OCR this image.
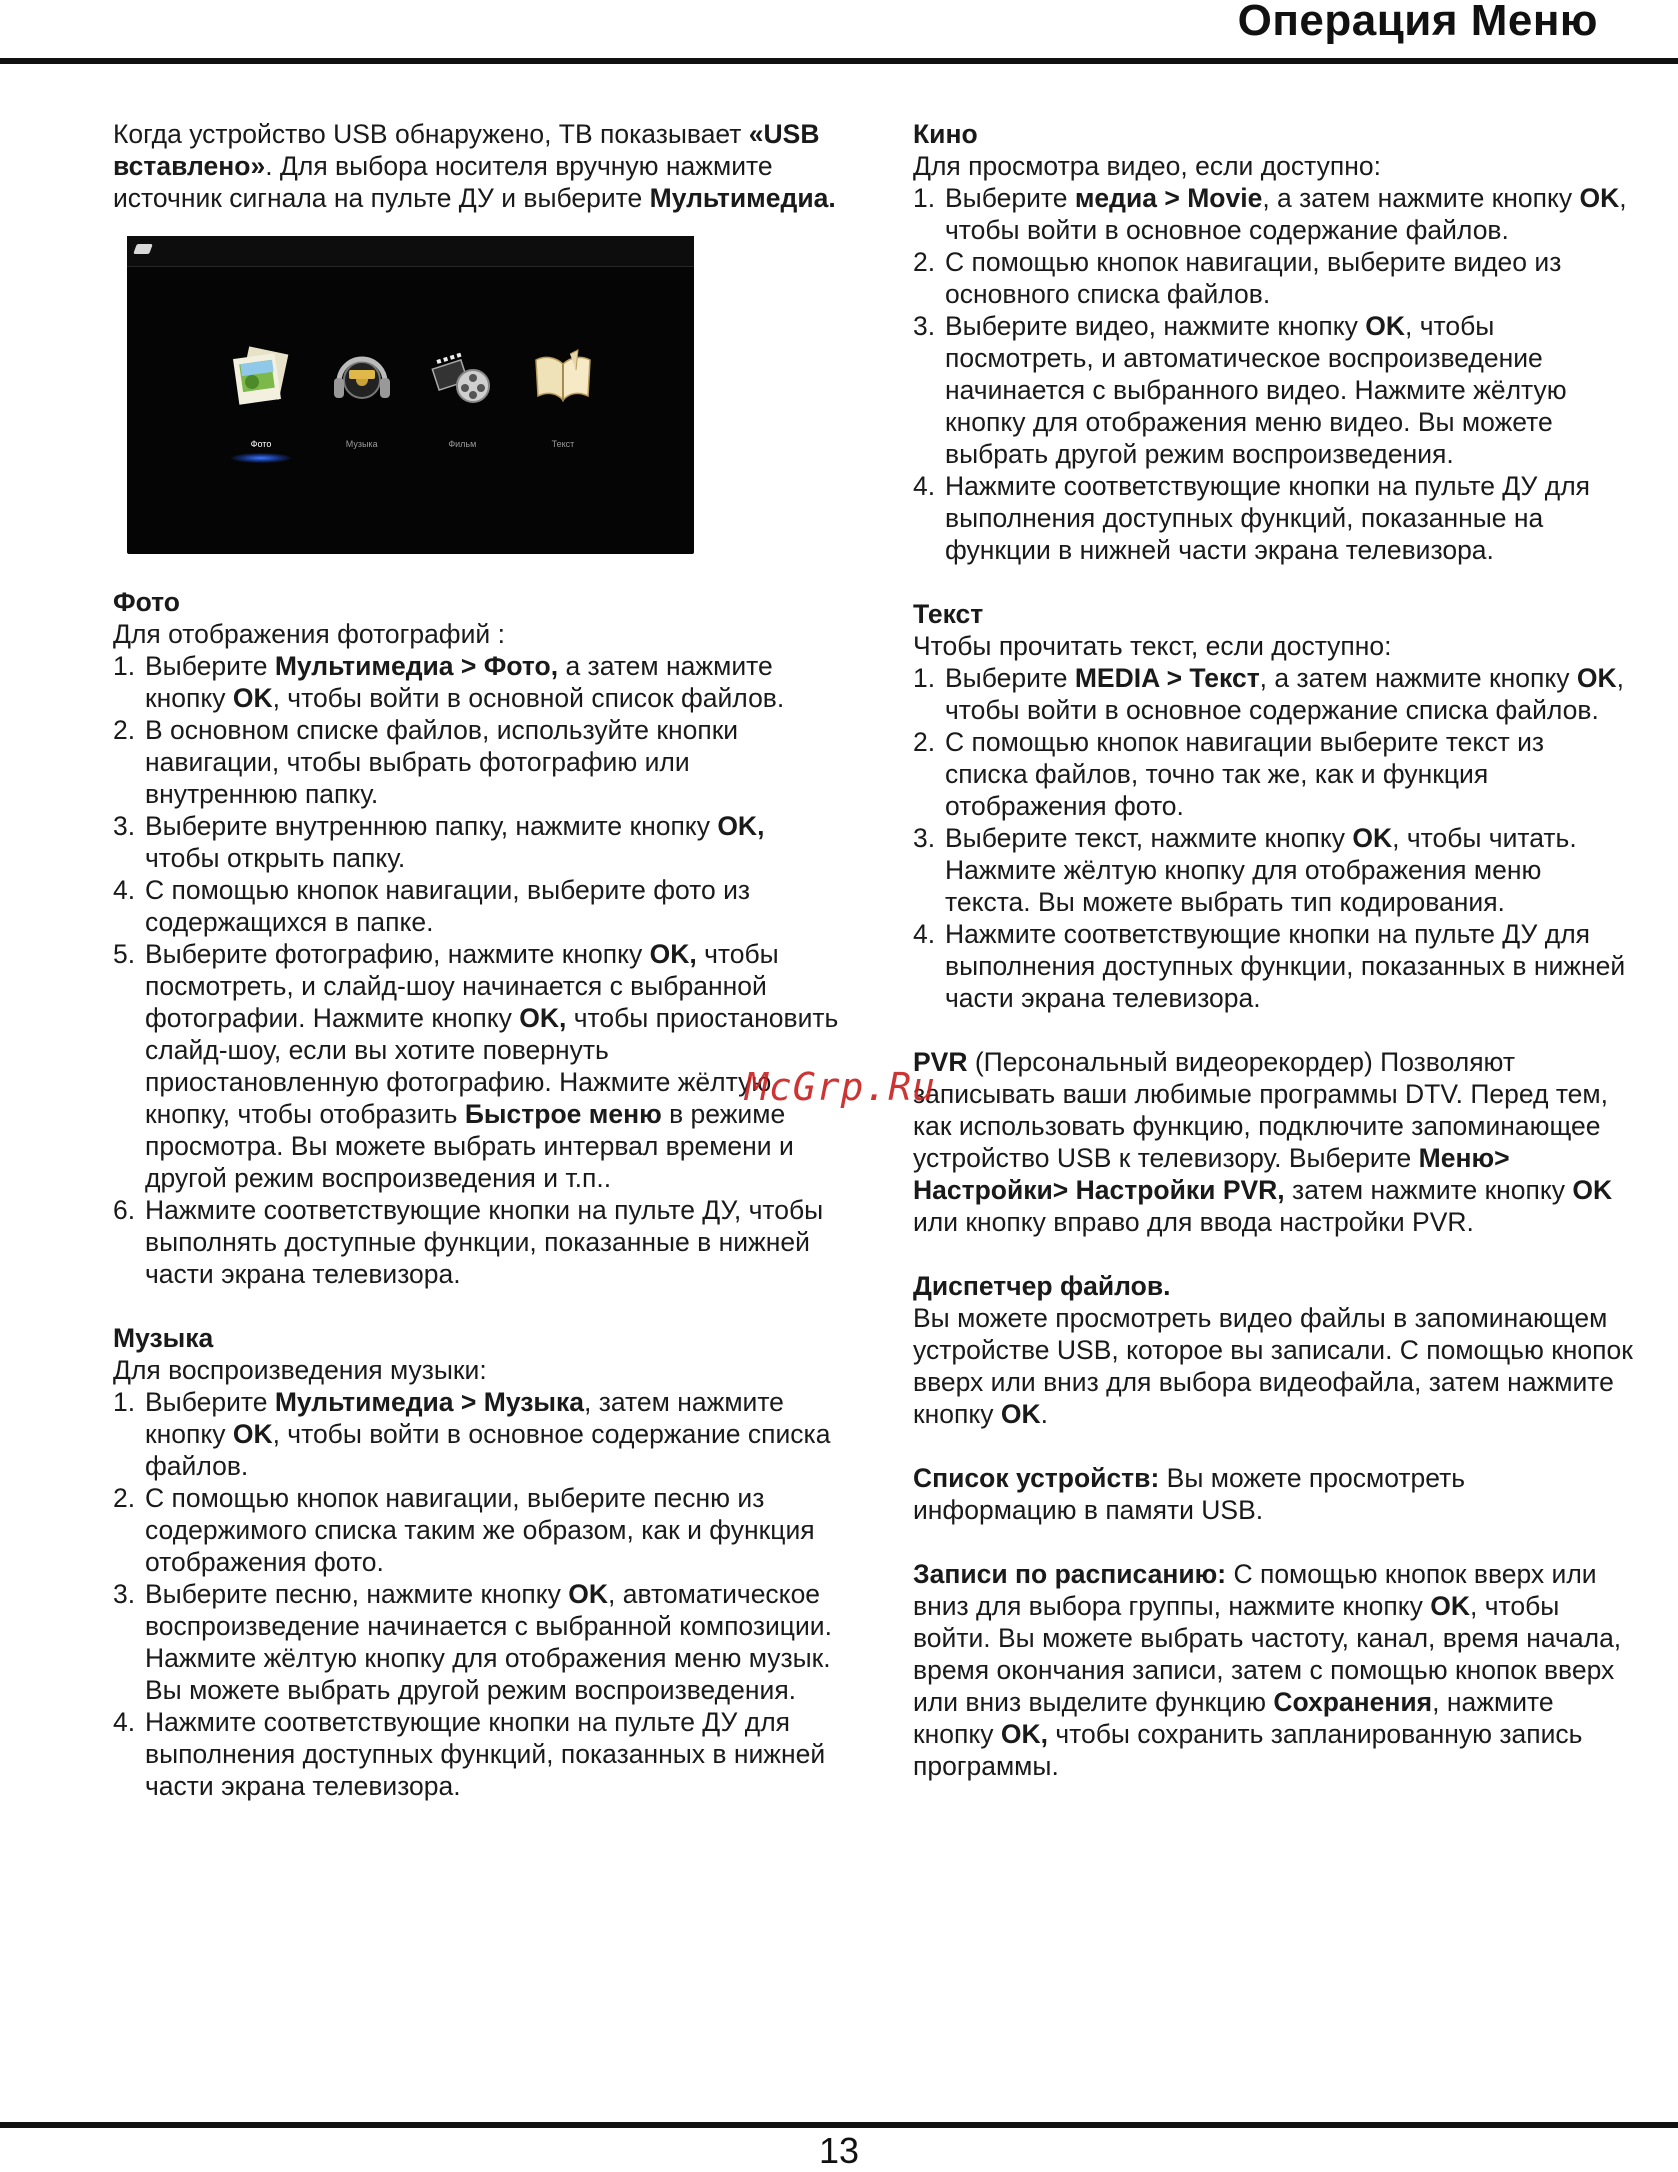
Операция Меню

Когда устройство USB обнаружено, ТВ показывает «USB вставлено». Для выбора носителя вручную нажмите источник сигнала на пульте ДУ и выберите Мультимедиа.

Фото	Музыка	Фильм	Текст

Фото

Для отображения фотографий :

1. Выберите Мультимедиа > Фото, а затем нажмите кнопку OK, чтобы войти в основной список файлов.
2. В основном списке файлов, используйте кнопки навигации, чтобы выбрать фотографию или внутреннюю папку.
3. Выберите внутреннюю папку, нажмите кнопку OK, чтобы открыть папку.
4. С помощью кнопок навигации, выберите фото из содержащихся в папке.
5. Выберите фотографию, нажмите кнопку OK, чтобы посмотреть, и слайд-шоу начинается с выбранной фотографии. Нажмите кнопку OK, чтобы приостановить слайд-шоу, если вы хотите повернуть приостановленную фотографию. Нажмите жёлтую кнопку, чтобы отобразить Быстрое меню в режиме просмотра. Вы можете выбрать интервал времени и другой режим воспроизведения и т.п..
6. Нажмите соответствующие кнопки на пульте ДУ, чтобы выполнять доступные функции, показанные в нижней части экрана телевизора.

Музыка

Для воспроизведения музыки:

1. Выберите Мультимедиа > Музыка, затем нажмите кнопку OK, чтобы войти в основное содержание списка файлов.
2. С помощью кнопок навигации, выберите песню из содержимого списка таким же образом, как и функция отображения фото.
3. Выберите песню, нажмите кнопку OK, автоматическое воспроизведение начинается с выбранной композиции. Нажмите жёлтую кнопку для отображения меню музык. Вы можете выбрать другой режим воспроизведения.
4. Нажмите соответствующие кнопки на пульте ДУ для выполнения доступных функций, показанных в нижней части экрана телевизора.

Кино

Для просмотра видео, если доступно:

1. Выберите медиа > Movie, а затем нажмите кнопку OK, чтобы войти в основное содержание файлов.
2. С помощью кнопок навигации, выберите видео из основного списка файлов.
3. Выберите видео, нажмите кнопку OK, чтобы посмотреть, и автоматическое воспроизведение начинается с выбранного видео. Нажмите жёлтую кнопку для отображения меню видео. Вы можете выбрать другой режим воспроизведения.
4. Нажмите соответствующие кнопки на пульте ДУ для выполнения доступных функций, показанные на функции в нижней части экрана телевизора.

Текст

Чтобы прочитать текст, если доступно:

1. Выберите MEDIA > Текст, а затем нажмите кнопку OK, чтобы войти в основное содержание списка файлов.
2. С помощью кнопок навигации выберите текст из списка файлов, точно так же, как и функция отображения фото.
3. Выберите текст, нажмите кнопку OK, чтобы читать. Нажмите жёлтую кнопку для отображения меню текста. Вы можете выбрать тип кодирования.
4. Нажмите соответствующие кнопки на пульте ДУ для выполнения доступных функции, показанных в нижней части экрана телевизора.

PVR (Персональный видеорекордер) Позволяют записывать ваши любимые программы DTV. Перед тем, как использовать функцию, подключите запоминающее устройство USB к телевизору. Выберите Меню> Настройки> Настройки PVR, затем нажмите кнопку OK или кнопку вправо для ввода настройки PVR.

Диспетчер файлов.

Вы можете просмотреть видео файлы в запоминающем устройстве USB, которое вы записали. С помощью кнопок вверх или вниз для выбора видеофайла, затем нажмите кнопку OK.

Список устройств: Вы можете просмотреть информацию в памяти USB.

Записи по расписанию: С помощью кнопок вверх или вниз для выбора группы, нажмите кнопку OK, чтобы войти. Вы можете выбрать частоту, канал, время начала, время окончания записи, затем с помощью кнопок вверх или вниз выделите функцию Сохранения, нажмите кнопку OK, чтобы сохранить запланированную запись программы.

McGrp.Ru
13
